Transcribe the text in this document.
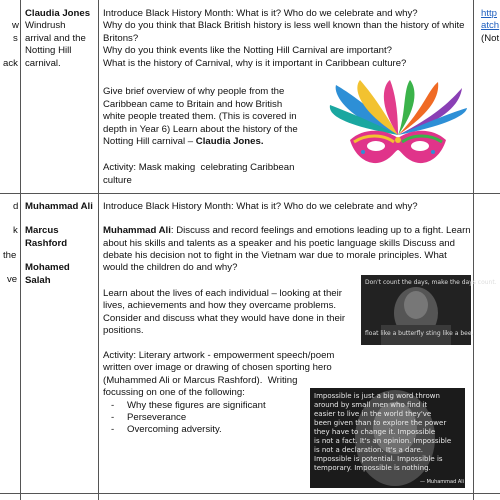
w
s
ack
Claudia Jones
Windrush
arrival and the
Notting Hill
carnival.
Introduce Black History Month: What is it? Who do we celebrate and why?
Why do you think that Black British history is less well known than the history of white
Britons?
Why do you think events like the Notting Hill Carnival are important?
What is the history of Carnival, why is it important in Caribbean culture?
Give brief overview of why people from the
Caribbean came to Britain and how British
white people treated them. (This is covered in
depth in Year 6) Learn about the history of the
Notting Hill carnival – Claudia Jones.
Activity: Mask making  celebrating Caribbean
culture
http
atch
(Not
d
k
the
ve
Muhammad Ali
Marcus
Rashford
Mohamed
Salah
Introduce Black History Month: What is it? Who do we celebrate and why?
Muhammad Ali: Discuss and record feelings and emotions leading up to a fight. Learn
about his skills and talents as a speaker and his poetic language skills Discuss and
debate his decision not to fight in the Vietnam war due to morale principles. What
would the children do and why?
Learn about the lives of each individual – looking at their
lives, achievements and how they overcame problems.
Consider and discuss what they would have done in their
positions.
Activity: Literary artwork - empowerment speech/poem
written over image or drawing of chosen sporting hero
(Muhammed Ali or Marcus Rashford).  Writing
focussing on one of the following:
- Why these figures are significant
- Perseverance
- Overcoming adversity.
Don't count the days, make the days count.
float like a butterfly sting like a bee.
Impossible is just a big word thrown
around by small men who find it
easier to live in the world they've
been given than to explore the power
they have to change it. Impossible
is not a fact. It's an opinion. Impossible
is not a declaration. It's a dare.
Impossible is potential. Impossible is
temporary. Impossible is nothing.
— Muhammad Ali
